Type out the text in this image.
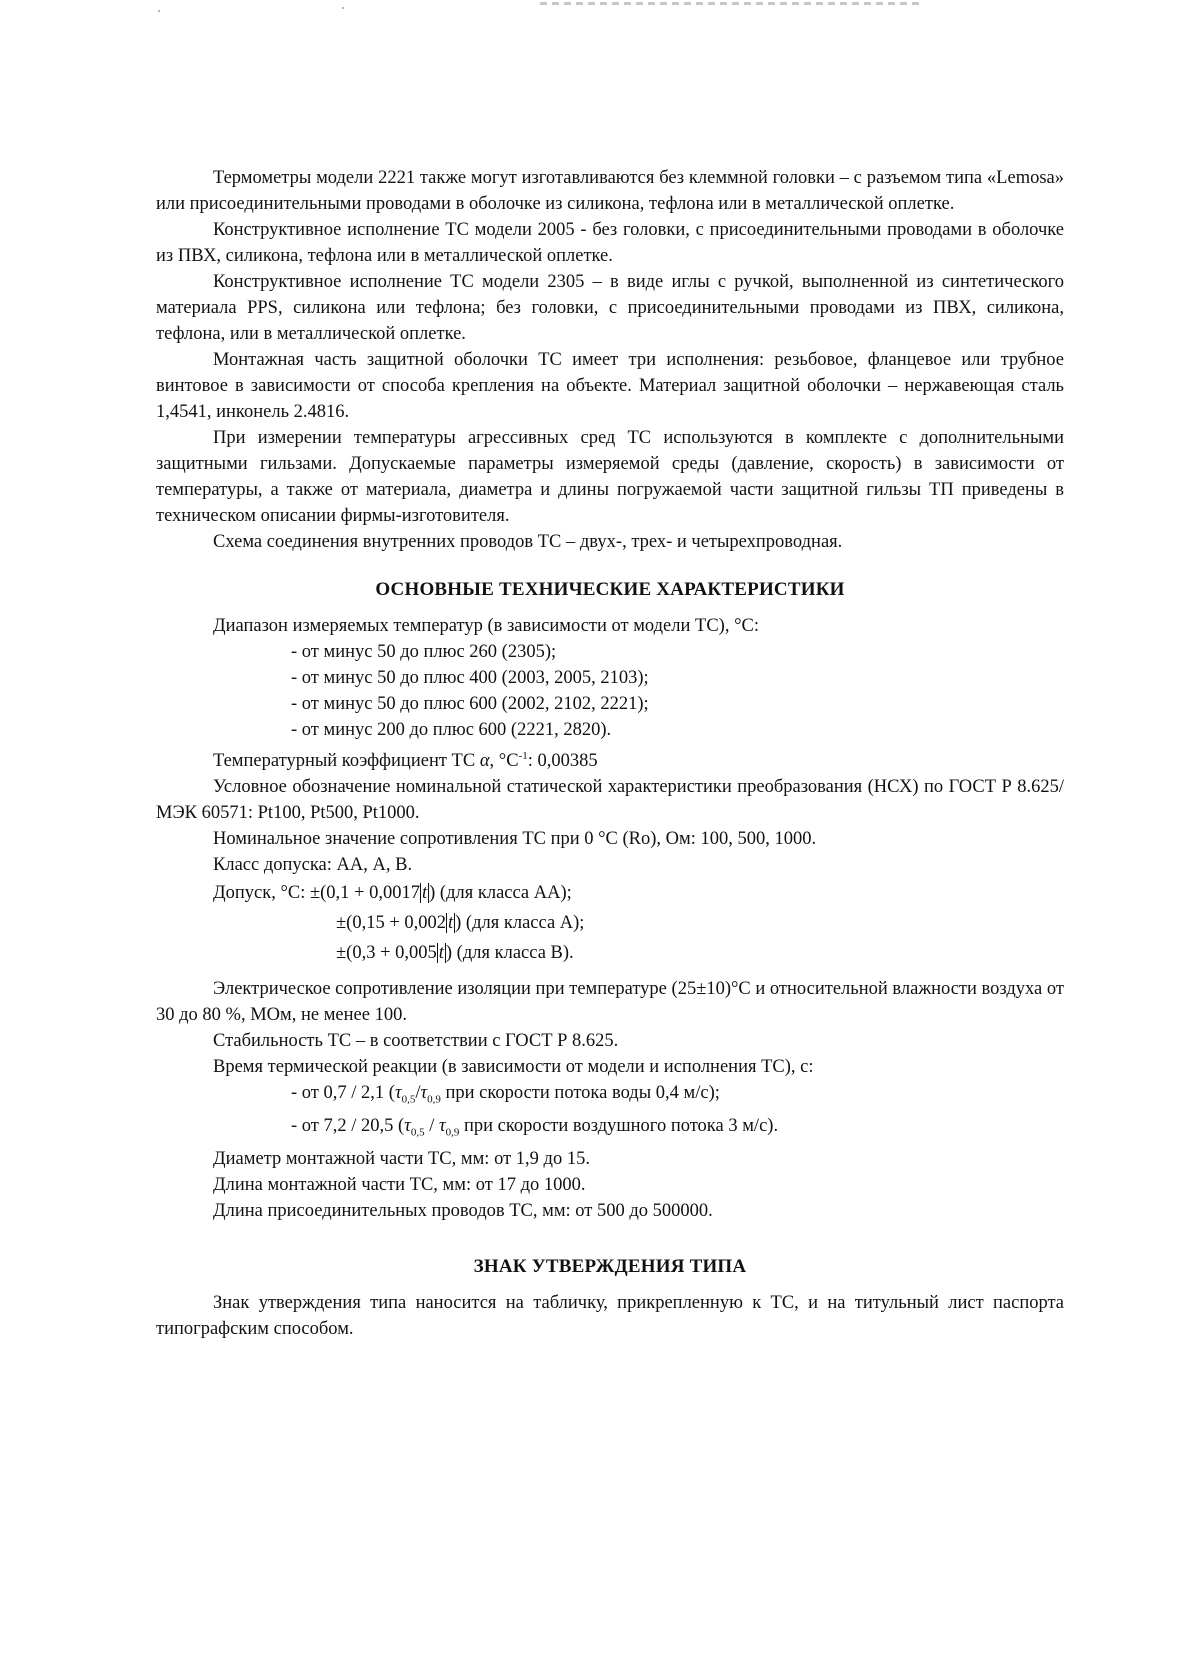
Термометры модели 2221 также могут изготавливаются без клеммной головки – с разъемом типа «Lemosa» или присоединительными проводами в оболочке из силикона, тефлона или в металлической оплетке.

Конструктивное исполнение ТС модели 2005 - без головки, с присоединительными проводами в оболочке из ПВХ, силикона, тефлона или в металлической оплетке.

Конструктивное исполнение ТС модели 2305 – в виде иглы с ручкой, выполненной из синтетического материала PPS, силикона или тефлона; без головки, с присоединительными проводами из ПВХ, силикона, тефлона, или в металлической оплетке.

Монтажная часть защитной оболочки ТС имеет три исполнения: резьбовое, фланцевое или трубное винтовое в зависимости от способа крепления на объекте. Материал защитной оболочки – нержавеющая сталь 1,4541, инконель 2.4816.

При измерении температуры агрессивных сред ТС используются в комплекте с дополнительными защитными гильзами. Допускаемые параметры измеряемой среды (давление, скорость) в зависимости от температуры, а также от материала, диаметра и длины погружаемой части защитной гильзы ТП приведены в техническом описании фирмы-изготовителя.

Схема соединения внутренних проводов ТС – двух-, трех- и четырехпроводная.

ОСНОВНЫЕ ТЕХНИЧЕСКИЕ ХАРАКТЕРИСТИКИ

Диапазон измеряемых температур (в зависимости от модели ТС), °C:

- от минус 50 до плюс 260 (2305);

- от минус 50 до плюс 400 (2003, 2005, 2103);

- от минус 50 до плюс 600 (2002, 2102, 2221);

- от минус 200 до плюс 600 (2221, 2820).

Температурный коэффициент ТС α, $^\circ C^{-1}$: 0,00385

Условное обозначение номинальной статической характеристики преобразования (НСХ) по ГОСТ Р 8.625/МЭК 60571: Pt100, Pt500, Pt1000.

Номинальное значение сопротивления ТС при 0 °C (Ro), Ом: 100, 500, 1000.

Класс допуска: АА, А, В.

Допуск, °C: ±(0,1 + 0,0017 t ) (для класса АА);

±(0,15 + 0,002 t ) (для класса А);

±(0,3 + 0,005 t ) (для класса В).

Электрическое сопротивление изоляции при температуре (25±10)°C и относительной влажности воздуха от 30 до 80 %, МОм, не менее 100.

Стабильность ТС – в соответствии с ГОСТ Р 8.625.

Время термической реакции (в зависимости от модели и исполнения ТС), с:

- от 0,7 / 2,1 ($\tau_{0,5}/\tau_{0,9}$ при скорости потока воды 0,4 м/с);

- от 7,2 / 20,5 ($\tau_{0,5} / \tau_{0,9}$ при скорости воздушного потока 3 м/с).

Диаметр монтажной части ТС, мм: от 1,9 до 15.

Длина монтажной части ТС, мм: от 17 до 1000.

Длина присоединительных проводов ТС, мм: от 500 до 500000.

ЗНАК УТВЕРЖДЕНИЯ ТИПА

Знак утверждения типа наносится на табличку, прикрепленную к ТС, и на титульный лист паспорта типографским способом.
